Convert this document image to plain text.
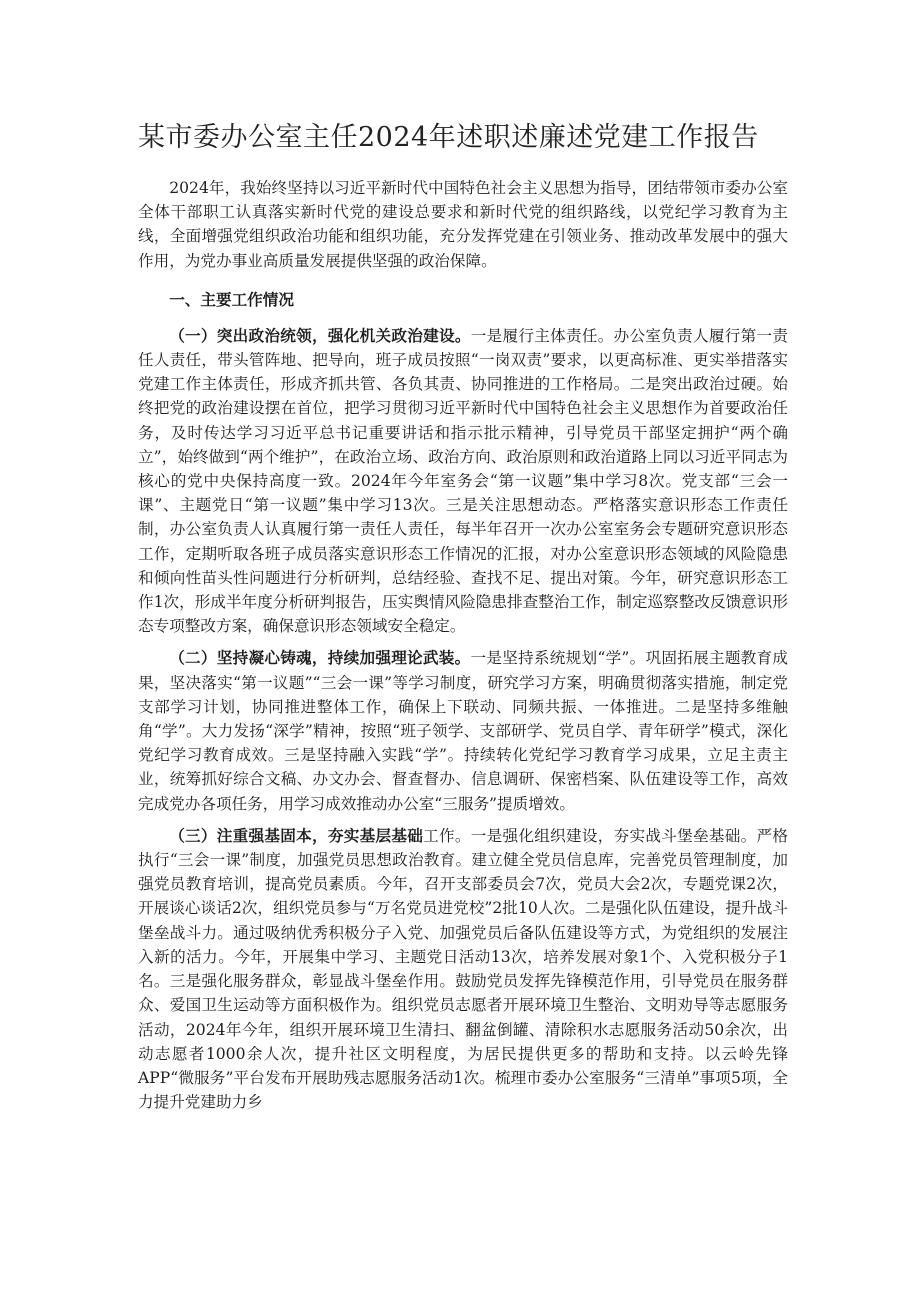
某市委办公室主任2024年述职述廉述党建工作报告

2024年，我始终坚持以习近平新时代中国特色社会主义思想为指导，团结带领市委办公室全体干部职工认真落实新时代党的建设总要求和新时代党的组织路线，以党纪学习教育为主线，全面增强党组织政治功能和组织功能，充分发挥党建在引领业务、推动改革发展中的强大作用，为党办事业高质量发展提供坚强的政治保障。

一、主要工作情况

（一）突出政治统领，强化机关政治建设。一是履行主体责任。办公室负责人履行第一责任人责任，带头管阵地、把导向，班子成员按照“一岗双责”要求，以更高标准、更实举措落实党建工作主体责任，形成齐抓共管、各负其责、协同推进的工作格局。二是突出政治过硬。始终把党的政治建设摆在首位，把学习贯彻习近平新时代中国特色社会主义思想作为首要政治任务，及时传达学习习近平总书记重要讲话和指示批示精神，引导党员干部坚定拥护“两个确立”，始终做到“两个维护”，在政治立场、政治方向、政治原则和政治道路上同以习近平同志为核心的党中央保持高度一致。2024年今年室务会“第一议题”集中学习8次。党支部“三会一课”、主题党日“第一议题”集中学习13次。三是关注思想动态。严格落实意识形态工作责任制，办公室负责人认真履行第一责任人责任，每半年召开一次办公室室务会专题研究意识形态工作，定期听取各班子成员落实意识形态工作情况的汇报，对办公室意识形态领域的风险隐患和倾向性苗头性问题进行分析研判，总结经验、查找不足、提出对策。今年，研究意识形态工作1次，形成半年度分析研判报告，压实舆情风险隐患排查整治工作，制定巡察整改反馈意识形态专项整改方案，确保意识形态领域安全稳定。

（二）坚持凝心铸魂，持续加强理论武装。一是坚持系统规划“学”。巩固拓展主题教育成果，坚决落实“第一议题”“三会一课”等学习制度，研究学习方案，明确贯彻落实措施，制定党支部学习计划，协同推进整体工作，确保上下联动、同频共振、一体推进。二是坚持多维触角“学”。大力发扬“深学”精神，按照“班子领学、支部研学、党员自学、青年研学”模式，深化党纪学习教育成效。三是坚持融入实践“学”。持续转化党纪学习教育学习成果，立足主责主业，统筹抓好综合文稿、办文办会、督查督办、信息调研、保密档案、队伍建设等工作，高效完成党办各项任务，用学习成效推动办公室“三服务”提质增效。

（三）注重强基固本，夯实基层基础工作。一是强化组织建设，夯实战斗堡垒基础。严格执行“三会一课”制度，加强党员思想政治教育。建立健全党员信息库，完善党员管理制度，加强党员教育培训，提高党员素质。今年，召开支部委员会7次，党员大会2次，专题党课2次，开展谈心谈话2次，组织党员参与“万名党员进党校”2批10人次。二是强化队伍建设，提升战斗堡垒战斗力。通过吸纳优秀积极分子入党、加强党员后备队伍建设等方式，为党组织的发展注入新的活力。今年，开展集中学习、主题党日活动13次，培养发展对象1个、入党积极分子1名。三是强化服务群众，彰显战斗堡垒作用。鼓励党员发挥先锋模范作用，引导党员在服务群众、爱国卫生运动等方面积极作为。组织党员志愿者开展环境卫生整治、文明劝导等志愿服务活动，2024年今年，组织开展环境卫生清扫、翻盆倒罐、清除积水志愿服务活动50余次，出动志愿者1000余人次，提升社区文明程度，为居民提供更多的帮助和支持。以云岭先锋APP“微服务”平台发布开展助残志愿服务活动1次。梳理市委办公室服务“三清单”事项5项，全力提升党建助力乡
